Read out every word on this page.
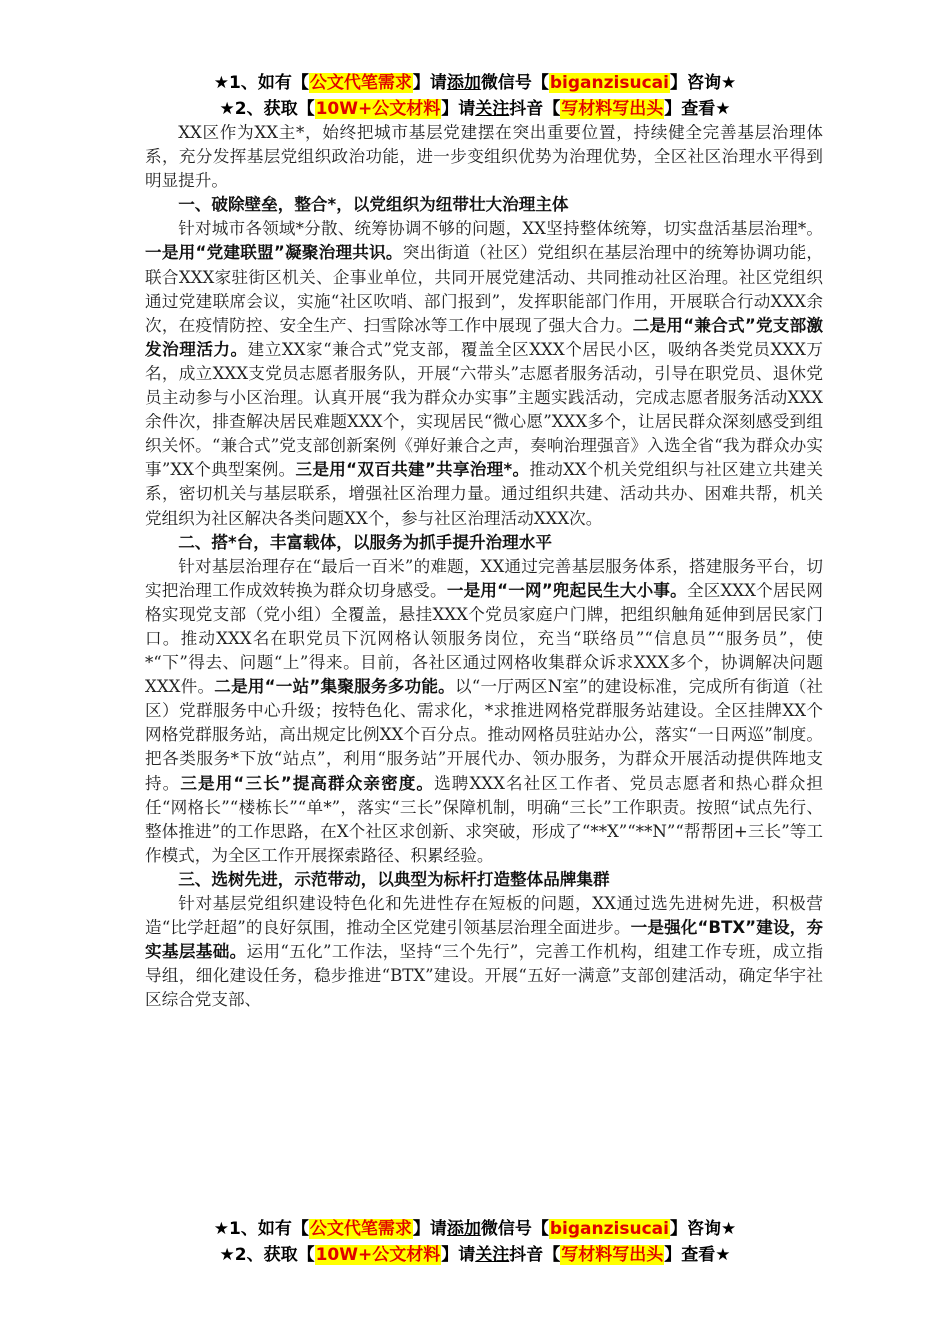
★1、如有【公文代笔需求】请添加微信号【biganzisucai】咨询★
★2、获取【10W+公文材料】请关注抖音【写材料写出头】查看★

XX区作为XX主*，始终把城市基层党建摆在突出重要位置，持续健全完善基层治理体系，充分发挥基层党组织政治功能，进一步变组织优势为治理优势，全区社区治理水平得到明显提升。

一、破除壁垒，整合*，以党组织为纽带壮大治理主体

针对城市各领域*分散、统筹协调不够的问题，XX坚持整体统筹，切实盘活基层治理*。一是用“党建联盟”凝聚治理共识。突出街道（社区）党组织在基层治理中的统筹协调功能，联合XXX家驻街区机关、企事业单位，共同开展党建活动、共同推动社区治理。社区党组织通过党建联席会议，实施“社区吹哨、部门报到”，发挥职能部门作用，开展联合行动XXX余次，在疫情防控、安全生产、扫雪除冰等工作中展现了强大合力。二是用“兼合式”党支部激发治理活力。建立XX家“兼合式”党支部，覆盖全区XXX个居民小区，吸纳各类党员XXX万名，成立XXX支党员志愿者服务队，开展“六带头”志愿者服务活动，引导在职党员、退休党员主动参与小区治理。认真开展“我为群众办实事”主题实践活动，完成志愿者服务活动XXX余件次，排查解决居民难题XXX个，实现居民“微心愿”XXX多个，让居民群众深刻感受到组织关怀。“兼合式”党支部创新案例《弹好兼合之声，奏响治理强音》入选全省“我为群众办实事”XX个典型案例。三是用“双百共建”共享治理*。推动XX个机关党组织与社区建立共建关系，密切机关与基层联系，增强社区治理力量。通过组织共建、活动共办、困难共帮，机关党组织为社区解决各类问题XX个，参与社区治理活动XXX次。

二、搭*台，丰富载体，以服务为抓手提升治理水平

针对基层治理存在“最后一百米”的难题，XX通过完善基层服务体系，搭建服务平台，切实把治理工作成效转换为群众切身感受。一是用“一网”兜起民生大小事。全区XXX个居民网格实现党支部（党小组）全覆盖，悬挂XXX个党员家庭户门牌，把组织触角延伸到居民家门口。推动XXX名在职党员下沉网格认领服务岗位，充当“联络员”“信息员”“服务员”，使*“下”得去、问题“上”得来。目前，各社区通过网格收集群众诉求XXX多个，协调解决问题XXX件。二是用“一站”集聚服务多功能。以“一厅两区N室”的建设标准，完成所有街道（社区）党群服务中心升级；按特色化、需求化，*求推进网格党群服务站建设。全区挂牌XX个网格党群服务站，高出规定比例XX个百分点。推动网格员驻站办公，落实“一日两巡”制度。把各类服务*下放“站点”，利用“服务站”开展代办、领办服务，为群众开展活动提供阵地支持。三是用“三长”提高群众亲密度。选聘XXX名社区工作者、党员志愿者和热心群众担任“网格长”“楼栋长”“单*”，落实“三长”保障机制，明确“三长”工作职责。按照“试点先行、整体推进”的工作思路，在X个社区求创新、求突破，形成了“**X”“**N”“帮帮团+三长”等工作模式，为全区工作开展探索路径、积累经验。

三、选树先进，示范带动，以典型为标杆打造整体品牌集群

针对基层党组织建设特色化和先进性存在短板的问题，XX通过选先进树先进，积极营造“比学赶超”的良好氛围，推动全区党建引领基层治理全面进步。一是强化“BTX”建设，夯实基层基础。运用“五化”工作法，坚持“三个先行”，完善工作机构，组建工作专班，成立指导组，细化建设任务，稳步推进“BTX”建设。开展“五好一满意”支部创建活动，确定华宇社区综合党支部、

★1、如有【公文代笔需求】请添加微信号【biganzisucai】咨询★
★2、获取【10W+公文材料】请关注抖音【写材料写出头】查看★
